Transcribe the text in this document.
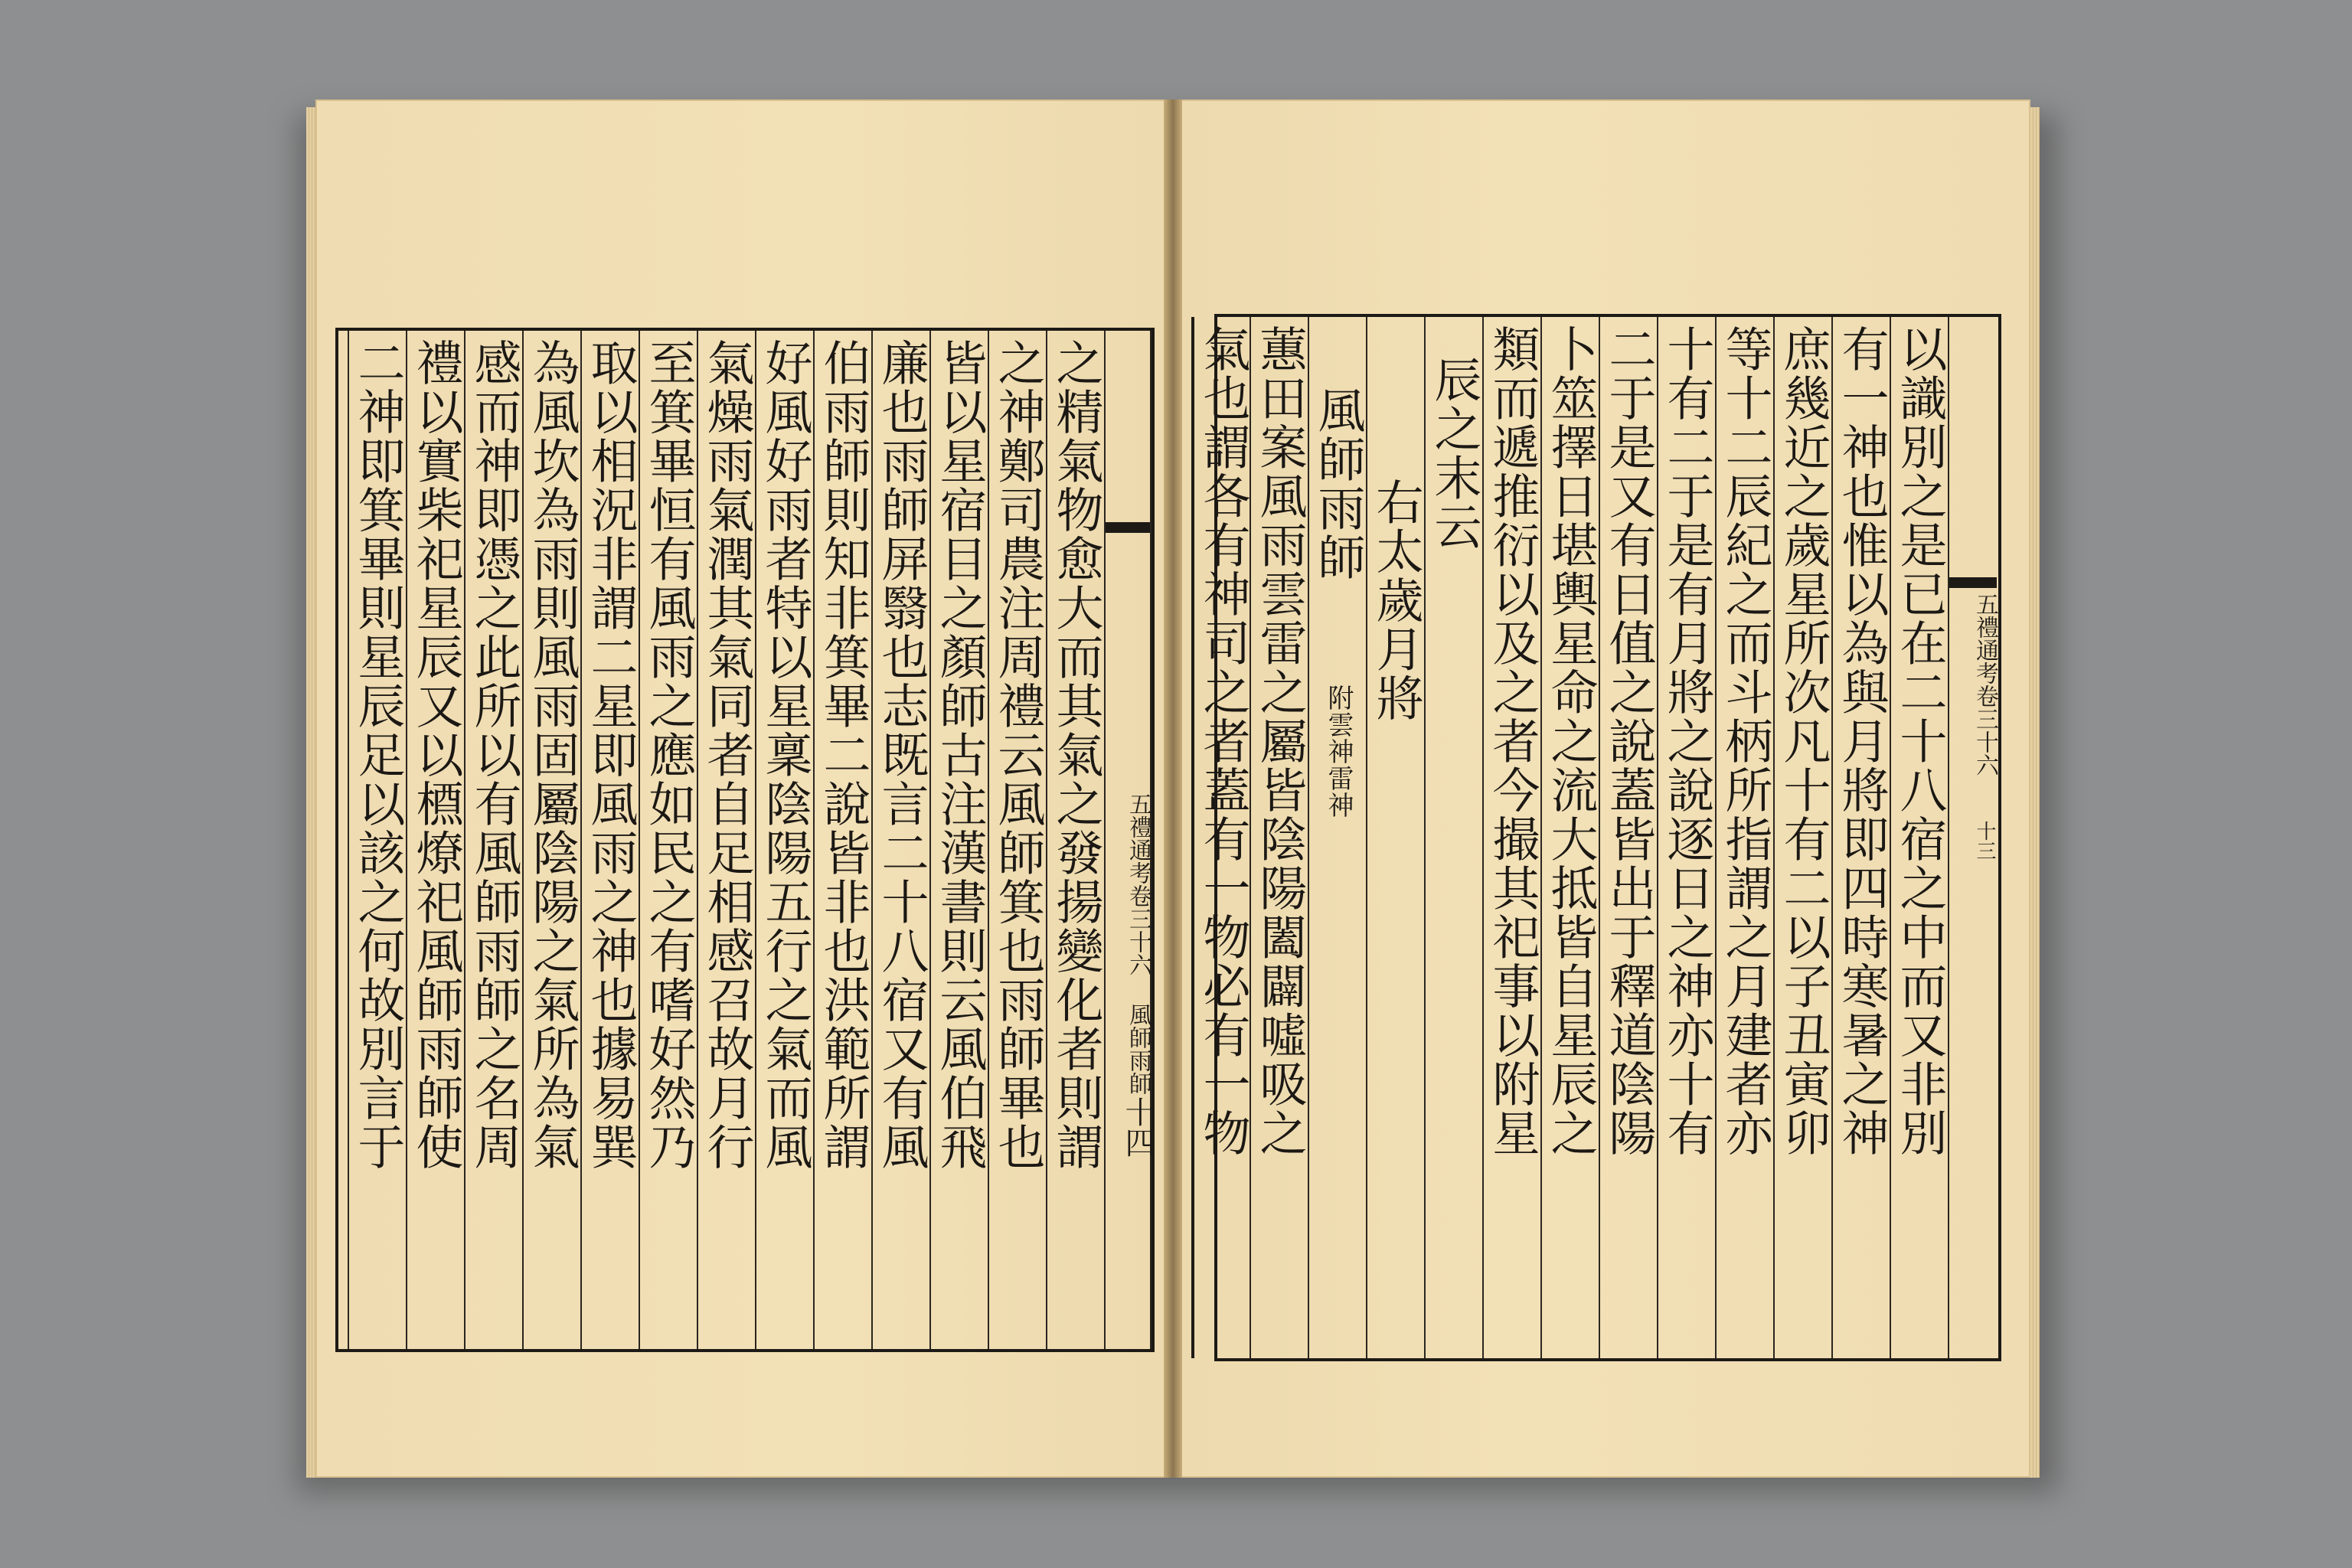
五禮通考卷三十六 風師雨師
十四
之精氣物愈大而其氣之發揚變化者則謂
之神鄭司農注周禮云風師箕也雨師畢也
皆以星宿目之顏師古注漢書則云風伯飛
廉也雨師屏翳也志既言二十八宿又有風
伯雨師則知非箕畢二說皆非也洪範所謂
好風好雨者特以星稟陰陽五行之氣而風
氣燥雨氣潤其氣同者自足相感召故月行
至箕畢恒有風雨之應如民之有嗜好然乃
取以相況非謂二星即風雨之神也據易巽
為風坎為雨則風雨固屬陰陽之氣所為氣
感而神即憑之此所以有風師雨師之名周
禮以實柴祀星辰又以槱燎祀風師雨師使
二神即箕畢則星辰足以該之何故別言于	十三
五禮通考卷三十六
以識別之是已在二十八宿之中而又非別
有一神也惟以為與月將即四時寒暑之神
庶幾近之歲星所次凡十有二以子丑寅卯
等十二辰紀之而斗柄所指謂之月建者亦
十有二于是有月將之說逐日之神亦十有
二于是又有日值之說蓋皆出于釋道陰陽
卜筮擇日堪輿星命之流大抵皆自星辰之
類而遞推衍以及之者今撮其祀事以附星
辰之末云
右太歲月將
風師雨師
附雲神雷神
蕙田案風雨雲雷之屬皆陰陽闔闢噓吸之
氣也謂各有神司之者蓋有一物必有一物
